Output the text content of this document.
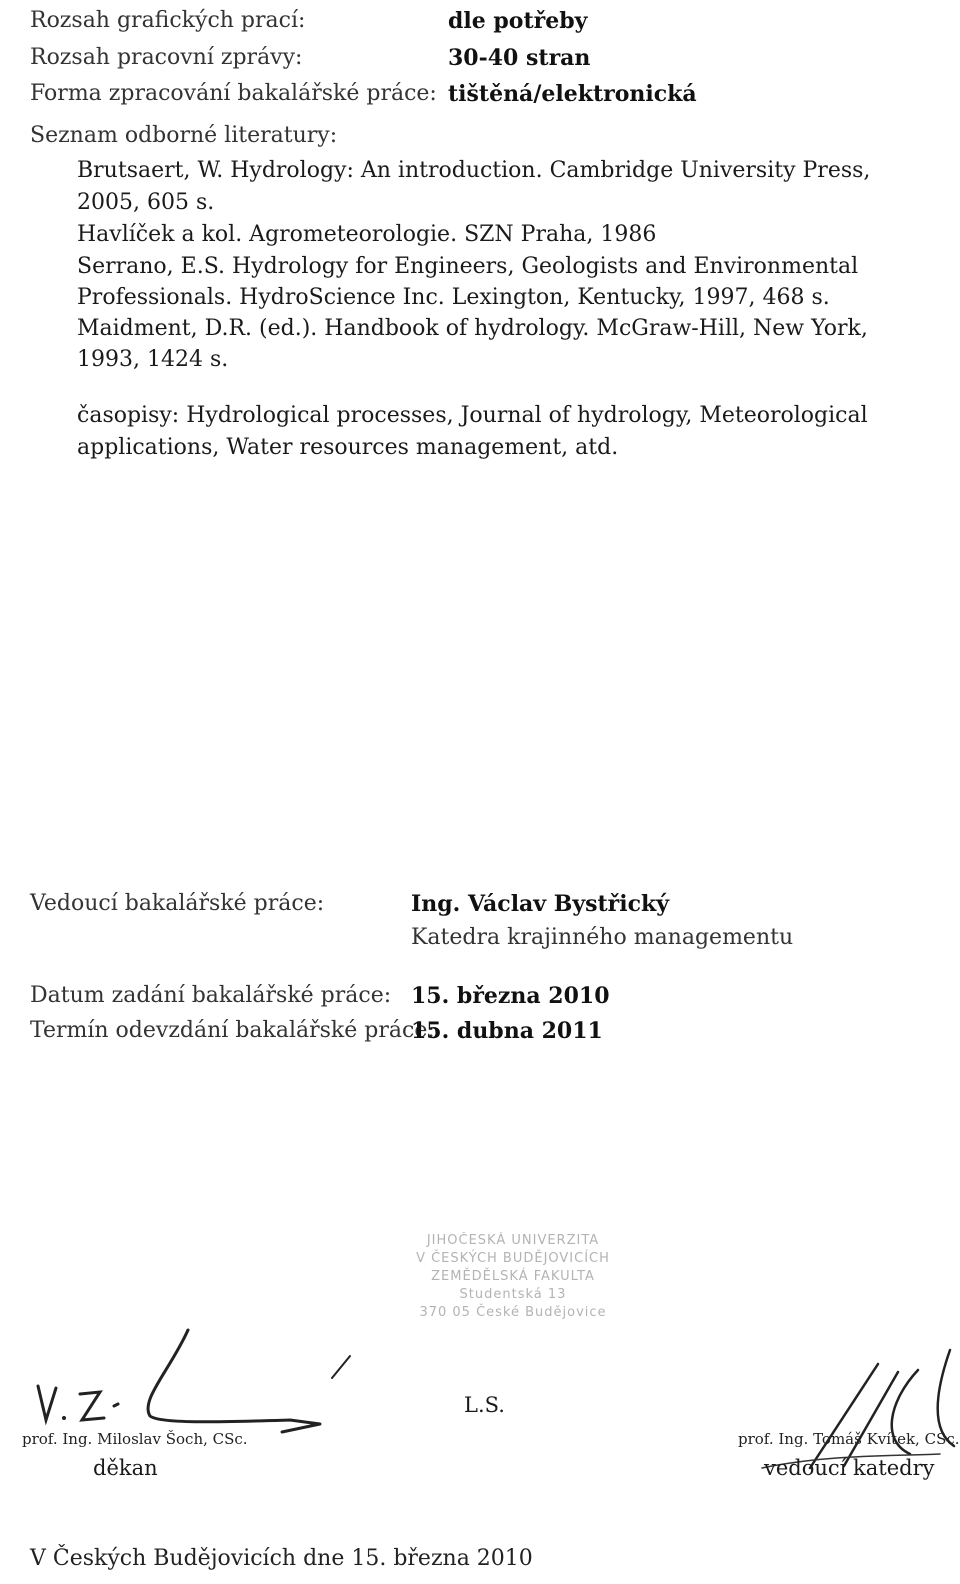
Rozsah grafických prací:	dle potřeby
Rozsah pracovní zprávy:	30-40 stran
Forma zpracování bakalářské práce: tištěná/elektronická
Seznam odborné literatury:
Brutsaert, W. Hydrology: An introduction. Cambridge University Press,
2005, 605 s.
Havlíček a kol. Agrometeorologie. SZN Praha, 1986
Serrano, E.S. Hydrology for Engineers, Geologists and Environmental
Professionals. HydroScience Inc. Lexington, Kentucky, 1997, 468 s.
Maidment, D.R. (ed.). Handbook of hydrology. McGraw-Hill, New York,
1993, 1424 s.
časopisy: Hydrological processes, Journal of hydrology, Meteorological
applications, Water resources management, atd.
Vedoucí bakalářské práce:	Ing. Václav Bystřický
Katedra krajinného managementu
Datum zadání bakalářské práce: 15. března 2010
Termín odevzdání bakalářské práce:
15. dubna 2011
JIHOČESKÁ UNIVERZITA
V ČESKÝCH BUDĚJOVICÍCH
ZEMĚDĚLSKÁ FAKULTA
Studentská 13
370 05 České Budějovice
prof. Ing. Miloslav Šoch, CSc.
děkan
L.S.
prof. Ing. Tomáš Kvítek, CSc.
vedoucí katedry
V Českých Budějovicích dne 15. března 2010
